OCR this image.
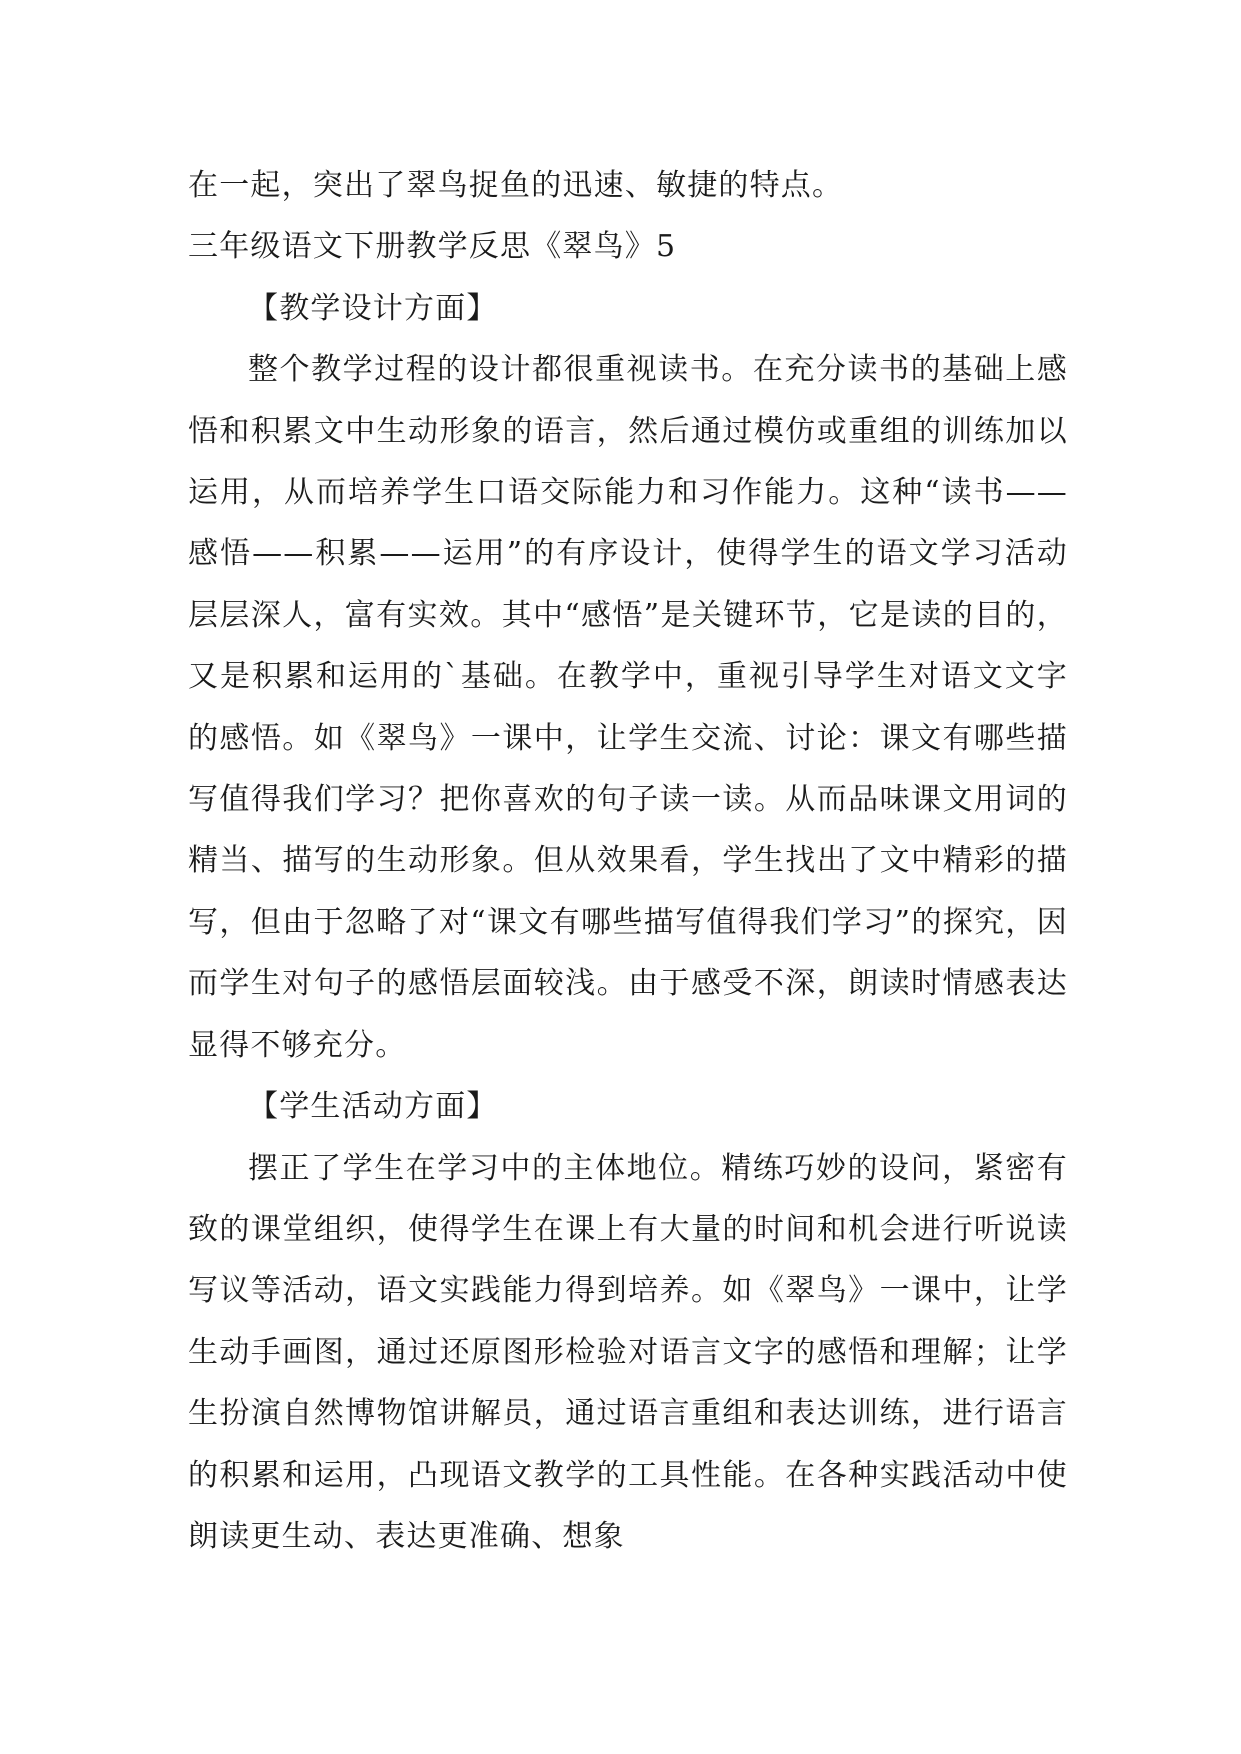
在一起，突出了翠鸟捉鱼的迅速、敏捷的特点。

三年级语文下册教学反思《翠鸟》5

【教学设计方面】

整个教学过程的设计都很重视读书。在充分读书的基础上感悟和积累文中生动形象的语言，然后通过模仿或重组的训练加以运用，从而培养学生口语交际能力和习作能力。这种“读书——感悟——积累——运用”的有序设计，使得学生的语文学习活动层层深人，富有实效。其中“感悟”是关键环节，它是读的目的，又是积累和运用的`基础。在教学中，重视引导学生对语文文字的感悟。如《翠鸟》一课中，让学生交流、讨论：课文有哪些描写值得我们学习？把你喜欢的句子读一读。从而品味课文用词的精当、描写的生动形象。但从效果看，学生找出了文中精彩的描写，但由于忽略了对“课文有哪些描写值得我们学习”的探究，因而学生对句子的感悟层面较浅。由于感受不深，朗读时情感表达显得不够充分。

【学生活动方面】

摆正了学生在学习中的主体地位。精练巧妙的设问，紧密有致的课堂组织，使得学生在课上有大量的时间和机会进行听说读写议等活动，语文实践能力得到培养。如《翠鸟》一课中，让学生动手画图，通过还原图形检验对语言文字的感悟和理解；让学生扮演自然博物馆讲解员，通过语言重组和表达训练，进行语言的积累和运用，凸现语文教学的工具性能。在各种实践活动中使朗读更生动、表达更准确、想象
